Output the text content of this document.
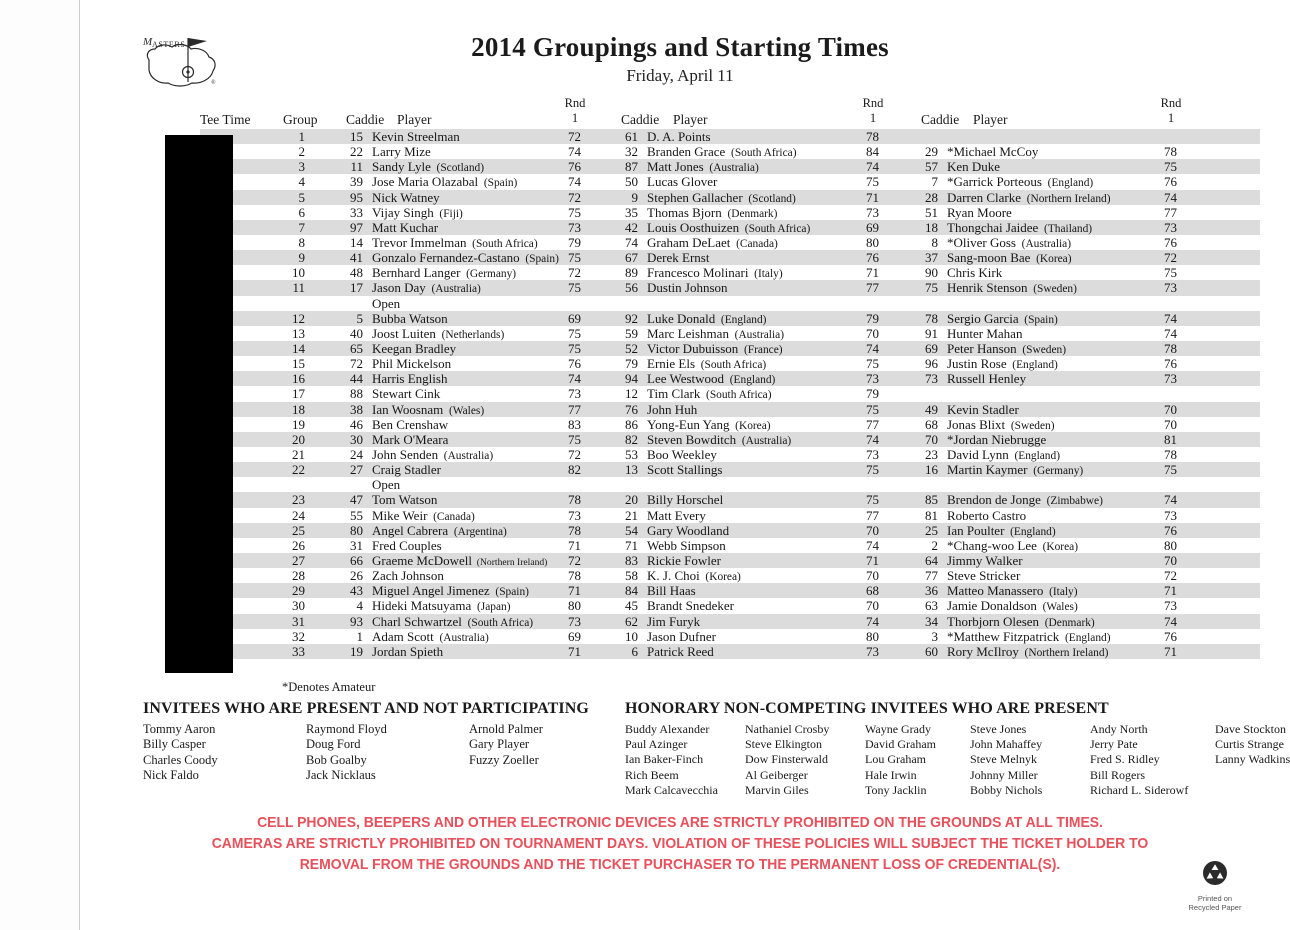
M ASTERS
®
2014 Groupings and Starting Times
Friday, April 11
Tee Time Group Caddie Player
Rnd
1	Caddie Player
Rnd
1	Caddie Player
Rnd
1
1	15 Kevin Streelman	72	61 D. A. Points	78
2	22 Larry Mize	74	32 Branden Grace  (South Africa)	84	29 *Michael McCoy	78
3	11 Sandy Lyle  (Scotland)	76	87 Matt Jones  (Australia)	74	57 Ken Duke	75
4	39 Jose Maria Olazabal  (Spain)	74	50 Lucas Glover	75	7 *Garrick Porteous  (England)	76
5	95 Nick Watney	72	9 Stephen Gallacher  (Scotland)	71	28 Darren Clarke  (Northern Ireland)	74
6	33 Vijay Singh  (Fiji)	75	35 Thomas Bjorn  (Denmark)	73	51 Ryan Moore	77
7	97 Matt Kuchar	73	42 Louis Oosthuizen  (South Africa)	69	18 Thongchai Jaidee  (Thailand)	73
8	14 Trevor Immelman  (South Africa)	79	74 Graham DeLaet  (Canada)	80	8 *Oliver Goss  (Australia)	76
9	41 Gonzalo Fernandez-Castano  (Spain) 75	67 Derek Ernst	76	37 Sang-moon Bae  (Korea)	72
10	48 Bernhard Langer  (Germany)	72	89 Francesco Molinari  (Italy)	71	90 Chris Kirk	75
11	17 Jason Day  (Australia)	75	56 Dustin Johnson	77	75 Henrik Stenson  (Sweden)	73
Open
12	5 Bubba Watson	69	92 Luke Donald  (England)	79	78 Sergio Garcia  (Spain)	74
13	40 Joost Luiten  (Netherlands)	75	59 Marc Leishman  (Australia)	70	91 Hunter Mahan	74
14	65 Keegan Bradley	75	52 Victor Dubuisson  (France)	74	69 Peter Hanson  (Sweden)	78
15	72 Phil Mickelson	76	79 Ernie Els  (South Africa)	75	96 Justin Rose  (England)	76
16	44 Harris English	74	94 Lee Westwood  (England)	73	73 Russell Henley	73
17	88 Stewart Cink	73	12 Tim Clark  (South Africa)	79
18	38 Ian Woosnam  (Wales)	77	76 John Huh	75	49 Kevin Stadler	70
19	46 Ben Crenshaw	83	86 Yong-Eun Yang  (Korea)	77	68 Jonas Blixt  (Sweden)	70
20	30 Mark O'Meara	75	82 Steven Bowditch  (Australia)	74	70 *Jordan Niebrugge	81
21	24 John Senden  (Australia)	72	53 Boo Weekley	73	23 David Lynn  (England)	78
22	27 Craig Stadler	82	13 Scott Stallings	75	16 Martin Kaymer  (Germany)	75
Open
23	47 Tom Watson	78	20 Billy Horschel	75	85 Brendon de Jonge  (Zimbabwe)	74
24	55 Mike Weir  (Canada)	73	21 Matt Every	77	81 Roberto Castro	73
25	80 Angel Cabrera  (Argentina)	78	54 Gary Woodland	70	25 Ian Poulter  (England)	76
26	31 Fred Couples	71	71 Webb Simpson	74	2 *Chang-woo Lee  (Korea)	80
27	66 Graeme McDowell  (Northern Ireland)	72	83 Rickie Fowler	71	64 Jimmy Walker	70
28	26 Zach Johnson	78	58 K. J. Choi  (Korea)	70	77 Steve Stricker	72
29	43 Miguel Angel Jimenez  (Spain)	71	84 Bill Haas	68	36 Matteo Manassero  (Italy)	71
30	4 Hideki Matsuyama  (Japan)	80	45 Brandt Snedeker	70	63 Jamie Donaldson  (Wales)	73
31	93 Charl Schwartzel  (South Africa)	73	62 Jim Furyk	74	34 Thorbjorn Olesen  (Denmark)	74
32	1 Adam Scott  (Australia)	69	10 Jason Dufner	80	3 *Matthew Fitzpatrick  (England)	76
33	19 Jordan Spieth	71	6 Patrick Reed	73	60 Rory McIlroy  (Northern Ireland)	71
*Denotes Amateur
INVITEES WHO ARE PRESENT AND NOT PARTICIPATING
Tommy Aaron
Billy Casper
Charles Coody
Nick Faldo
Raymond Floyd
Doug Ford
Bob Goalby
Jack Nicklaus
Arnold Palmer
Gary Player
Fuzzy Zoeller
HONORARY NON-COMPETING INVITEES WHO ARE PRESENT
Buddy Alexander
Paul Azinger
Ian Baker-Finch
Rich Beem
Mark Calcavecchia
Nathaniel Crosby
Steve Elkington
Dow Finsterwald
Al Geiberger
Marvin Giles
Wayne Grady
David Graham
Lou Graham
Hale Irwin
Tony Jacklin
Steve Jones
John Mahaffey
Steve Melnyk
Johnny Miller
Bobby Nichols
Andy North
Jerry Pate
Fred S. Ridley
Bill Rogers
Richard L. Siderowf
Dave Stockton
Curtis Strange
Lanny Wadkins
CELL PHONES, BEEPERS AND OTHER ELECTRONIC DEVICES ARE STRICTLY PROHIBITED ON THE GROUNDS AT ALL TIMES.
CAMERAS ARE STRICTLY PROHIBITED ON TOURNAMENT DAYS. VIOLATION OF THESE POLICIES WILL SUBJECT THE TICKET HOLDER TO
REMOVAL FROM THE GROUNDS AND THE TICKET PURCHASER TO THE PERMANENT LOSS OF CREDENTIAL(S).
Printed on
Recycled Paper
